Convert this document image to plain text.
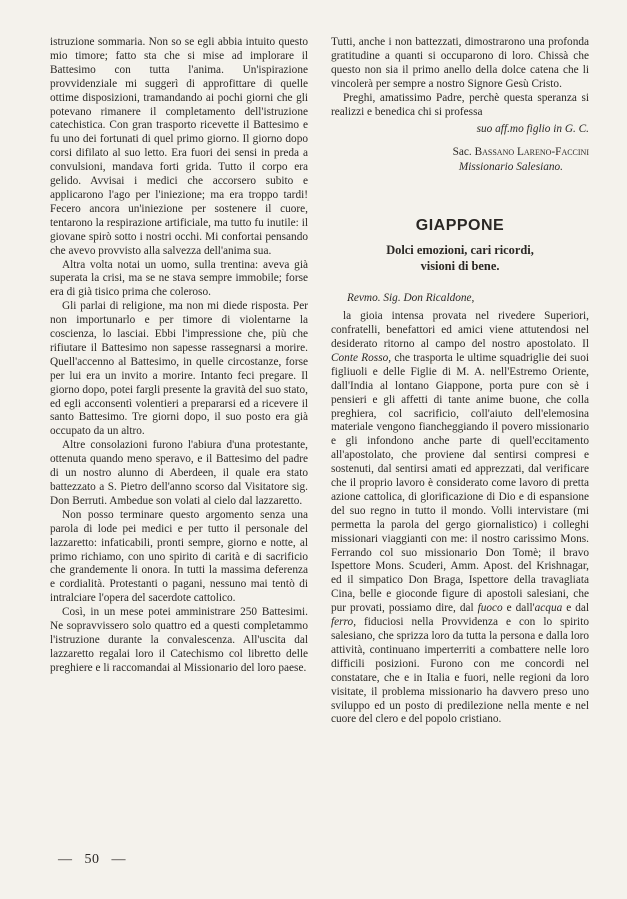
istruzione sommaria. Non so se egli abbia intuito questo mio timore; fatto sta che si mise ad implorare il Battesimo con tutta l'anima. Un'ispirazione provvidenziale mi suggerì di approfittare di quelle ottime disposizioni, tramandando ai pochi giorni che gli potevano rimanere il completamento dell'istruzione catechistica. Con gran trasporto ricevette il Battesimo e fu uno dei fortunati di quel primo giorno. Il giorno dopo corsi difilato al suo letto. Era fuori dei sensi in preda a convulsioni, mandava forti grida. Tutto il corpo era gelido. Avvisai i medici che accorsero subito e applicarono l'ago per l'iniezione; ma era troppo tardi! Fecero ancora un'iniezione per sostenere il cuore, tentarono la respirazione artificiale, ma tutto fu inutile: il giovane spirò sotto i nostri occhi. Mi confortai pensando che avevo provvisto alla salvezza dell'anima sua.

Altra volta notai un uomo, sulla trentina: aveva già superata la crisi, ma se ne stava sempre immobile; forse era di già tisico prima che colerоso.

Gli parlai di religione, ma non mi diede risposta. Per non importunarlo e per timore di violentarne la coscienza, lo lasciai. Ebbi l'impressione che, più che rifiutare il Battesimo non sapesse rassegnarsi a morire. Quell'accenno al Battesimo, in quelle circostanze, forse per lui era un invito a morire. Intanto feci pregare. Il giorno dopo, potei fargli presente la gravità del suo stato, ed egli acconsentì volentieri a prepararsi ed a ricevere il santo Battesimo. Tre giorni dopo, il suo posto era già occupato da un altro.

Altre consolazioni furono l'abiura d'una protestante, ottenuta quando meno speravo, e il Battesimo del padre di un nostro alunno di Aberdeen, il quale era stato battezzato a S. Pietro dell'anno scorso dal Visitatore sig. Don Berruti. Ambedue son volati al cielo dal lazzaretto.

Non posso terminare questo argomento senza una parola di lode pei medici e per tutto il personale del lazzaretto: infaticabili, pronti sempre, giorno e notte, al primo richiamo, con uno spirito di carità e di sacrificio che grandemente li onora. In tutti la massima deferenza e cordialità. Protestanti o pagani, nessuno mai tentò di intralciare l'opera del sacerdote cattolico.

Così, in un mese potei amministrare 250 Battesimi. Ne sopravvissero solo quattro ed a questi completammo l'istruzione durante la convalescenza. All'uscita dal lazzaretto regalai loro il Catechismo col libretto delle preghiere e li raccomandai al Missionario del loro paese.

Tutti, anche i non battezzati, dimostrarono una profonda gratitudine a quanti si occuparono di loro. Chissà che questo non sia il primo anello della dolce catena che li vincolerà per sempre a nostro Signore Gesù Cristo.

Preghi, amatissimo Padre, perchè questa speranza si realizzi e benedica chi si professa

suo aff.mo figlio in G. C.
Sac. Bassano Lareno-Faccini
Missionario Salesiano.
GIAPPONE
Dolci emozioni, cari ricordi,
visioni di bene.

Revmo. Sig. Don Ricaldone,

la gioia intensa provata nel rivedere Superiori, confratelli, benefattori ed amici viene attutendosi nel desiderato ritorno al campo del nostro apostolato. Il Conte Rosso, che trasporta le ultime squadriglie dei suoi figliuoli e delle Figlie di M. A. nell'Estremo Oriente, dall'India al lontano Giappone, porta pure con sè i pensieri e gli affetti di tante anime buone, che colla preghiera, col sacrificio, coll'aiuto dell'elemosina materiale vengono fiancheggiando il povero missionario e gli infondono anche parte di quell'eccitamento all'apostolato, che proviene dal sentirsi compresi e sostenuti, dal sentirsi amati ed apprezzati, dal verificare che il proprio lavoro è considerato come lavoro di pretta azione cattolica, di glorificazione di Dio e di espansione del suo regno in tutto il mondo. Volli intervistare (mi permetta la parola del gergo giornalistico) i colleghi missionari viaggianti con me: il nostro carissimo Mons. Ferrando col suo missionario Don Tomè; il bravo Ispettore Mons. Scuderi, Amm. Apost. del Krishnagar, ed il simpatico Don Braga, Ispettore della travagliata Cina, belle e gioconde figure di apostoli salesiani, che pur provati, possiamo dire, dal fuoco e dall'acqua e dal ferro, fiduciosi nella Provvidenza e con lo spirito salesiano, che sprizza loro da tutta la persona e dalla loro attività, continuano imperterriti a combattere nelle loro difficili posizioni. Furono con me concordi nel constatare, che e in Italia e fuori, nelle regioni da loro visitate, il problema missionario ha davvero preso uno sviluppo ed un posto di predilezione nella mente e nel cuore del clero e del popolo cristiano.

— 50 —
